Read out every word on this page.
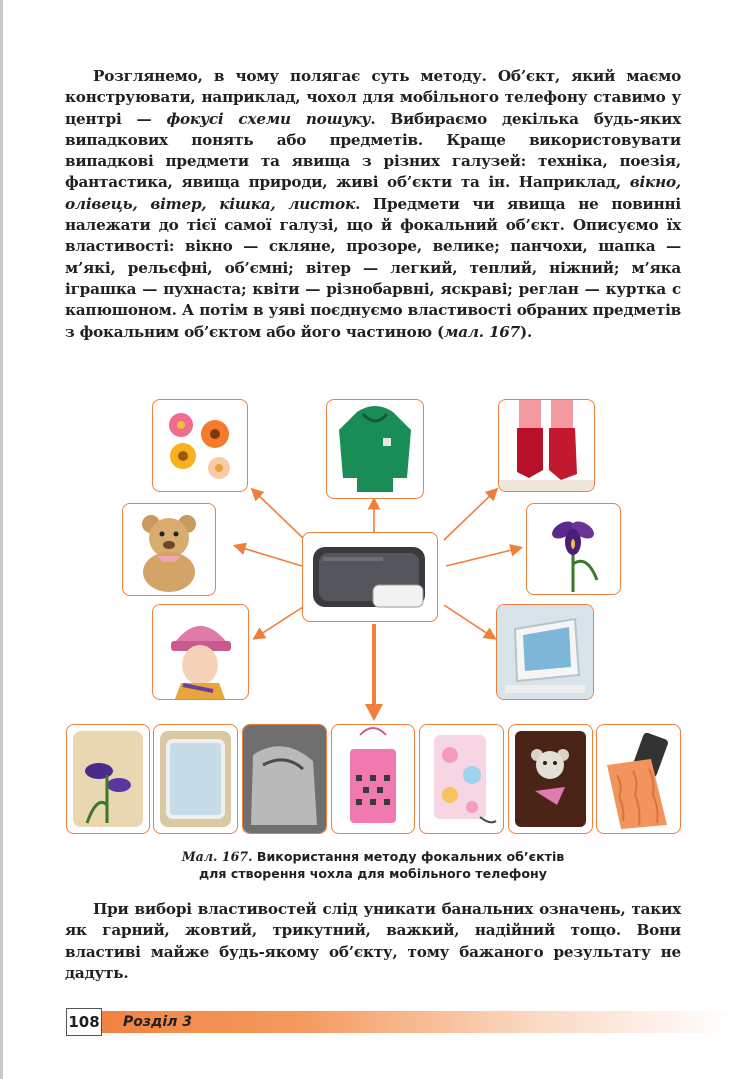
Розглянемо, в чому полягає суть методу. Об’єкт, який маємо конструювати, наприклад, чохол для мобільного телефону ставимо у центрі — фокусі схеми пошуку. Вибираємо декілька будь-яких випадкових понять або предметів. Краще використовувати випадкові предмети та явища з різних галузей: техніка, поезія, фантастика, явища природи, живі об’єкти та ін. Наприклад, вікно, олівець, вітер, кішка, листок. Предмети чи явища не повинні належати до тієї самої галузі, що й фокальний об’єкт. Описуємо їх властивості: вікно — скляне, прозоре, велике; панчохи, шапка — м’які, рельєфні, об’ємні; вітер — легкий, теплий, ніжний; м’яка іграшка — пухнаста; квіти — різнобарвні, яскраві; реглан — куртка с капюшоном. А потім в уяві поєднуємо властивості обраних предметів з фокальним об’єктом або його частиною (мал. 167).

Мал. 167. Використання методу фокальних об’єктів
для створення чохла для мобільного телефону

При виборі властивостей слід уникати банальних означень, таких як гарний, жовтий, трикутний, важкий, надійний тощо. Вони властиві майже будь-якому об’єкту, тому бажаного результату не дадуть.

108 Розділ 3
